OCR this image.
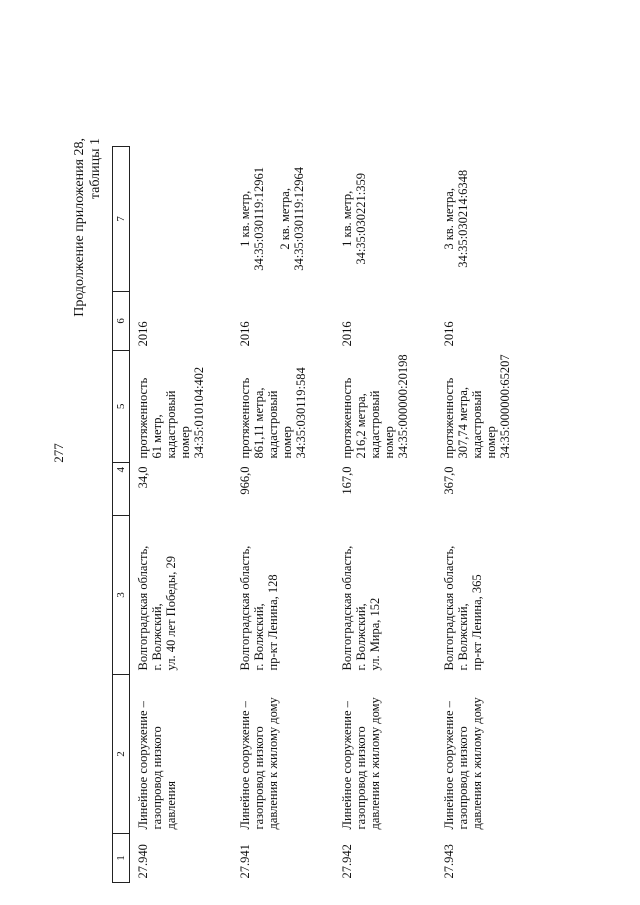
Продолжение приложения 28, таблицы 1
1	2	3	4	5	6	7

27.940	Линейное сооружение – газопровод низкого давления	Волгоградская область, г. Волжский, ул. 40 лет Победы, 29	34,0	протяженность 61 метр, кадастровый номер 34:35:010104:402	2016	

27.941	Линейное сооружение – газопровод низкого давления к жилому дому	Волгоградская область, г. Волжский, пр-кт Ленина, 128	966,0	протяженность 861,11 метра, кадастровый номер 34:35:030119:584	2016	1 кв. метр, 34:35:030119:12961 2 кв. метра, 34:35:030119:12964

27.942	Линейное сооружение – газопровод низкого давления к жилому дому	Волгоградская область, г. Волжский, ул. Мира, 152	167,0	протяженность 216,2 метра, кадастровый номер 34:35:000000:20198	2016	1 кв. метр, 34:35:030221:359

27.943	Линейное сооружение – газопровод низкого давления к жилому дому	Волгоградская область, г. Волжский, пр-кт Ленина, 365	367,0	протяженность 307,74 метра, кадастровый номер 34:35:000000:65207	2016	3 кв. метра, 34:35:030214:6348
277
